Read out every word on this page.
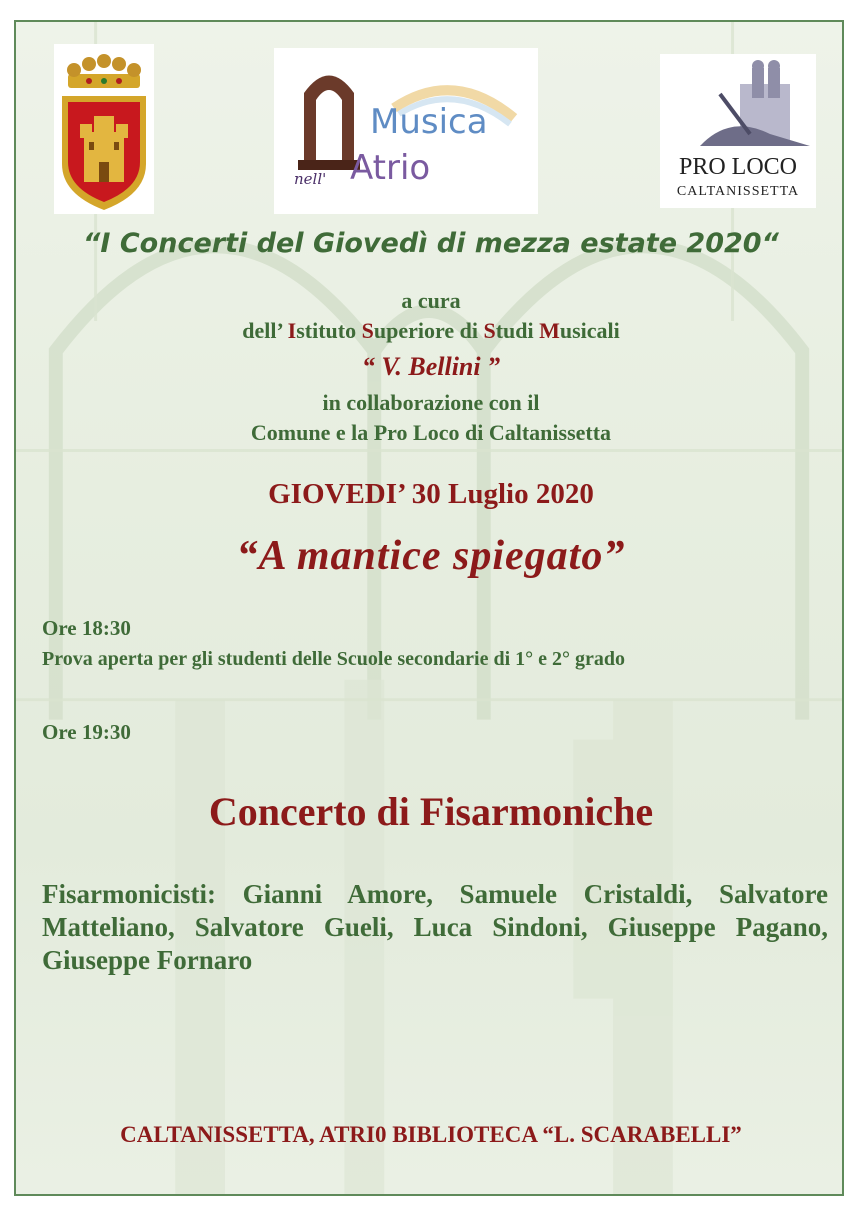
Musica
nell' Atrio	PRO LOCO
CALTANISSETTA
“I Concerti del Giovedì di mezza estate 2020“
a cura
dell’ Istituto Superiore di Studi Musicali
“ V. Bellini ”
in collaborazione con il
Comune e la Pro Loco di Caltanissetta
GIOVEDI’ 30 Luglio 2020
“A mantice spiegato”
Ore 18:30
Prova aperta per gli studenti delle Scuole secondarie di 1° e 2° grado
Ore 19:30
Concerto di Fisarmoniche
Fisarmonicisti: Gianni Amore, Samuele Cristaldi, Salvatore Matteliano, Salvatore Gueli, Luca Sindoni, Giuseppe Pagano, Giuseppe Fornaro
CALTANISSETTA, ATRI0 BIBLIOTECA “L. SCARABELLI”
